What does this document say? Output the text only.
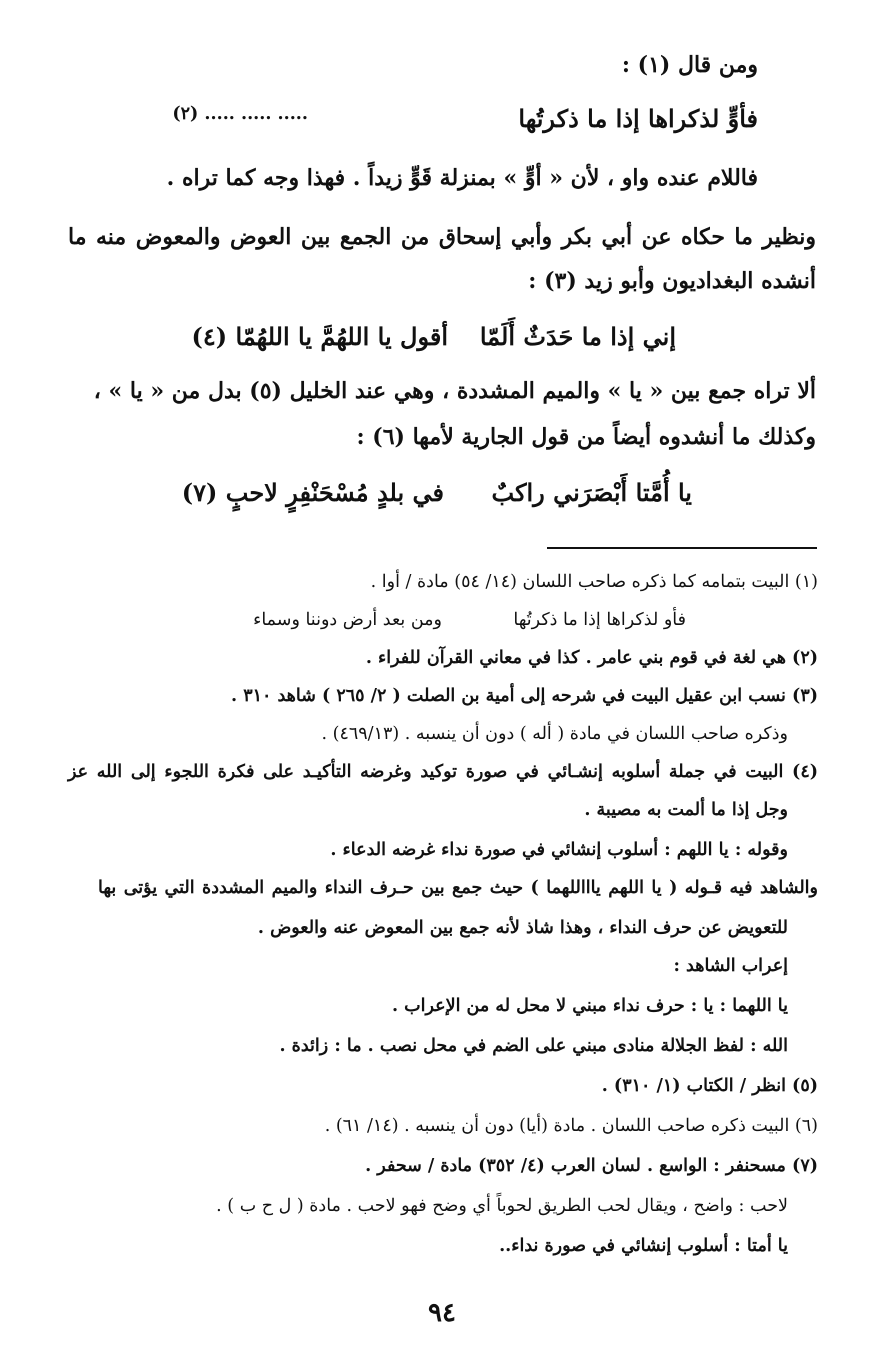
ومن قال (١) :
فأوٍّ لذكراها إذا ما ذكرتُها
(٢) ..... ..... .....
فاللام عنده واو ، لأن « أوٍّ » بمنزلة قَوٍّ زيداً . فهذا وجه كما تراه .
ونظير ما حكاه عن أبي بكر وأبي إسحاق من الجمع بين العوض والمعوض منه ما
أنشده البغداديون وأبو زيد (٣) :
إني إذا ما حَدَثٌ أَلَمّا
أقول يا اللهُمَّ يا اللهُمّا (٤)
ألا تراه جمع بين « يا » والميم المشددة ، وهي عند الخليل (٥) بدل من « يا » ،
وكذلك ما أنشدوه أيضاً من قول الجارية لأمها (٦) :
يا أُمَّتا أَبْصَرَني راكبٌ
في بلدٍ مُسْحَنْفِرٍ لاحبٍ (٧)
(١) البيت بتمامه كما ذكره صاحب اللسان (١٤/ ٥٤) مادة / أوا .
فأو لذكراها إذا ما ذكرتُها
ومن بعد أرض دوننا وسماء
(٢) هي لغة في قوم بني عامر . كذا في معاني القرآن للفراء .
(٣) نسب ابن عقيل البيت في شرحه إلى أمية بن الصلت ( ٢/ ٢٦٥ ) شاهد ٣١٠ .
وذكره صاحب اللسان في مادة ( أله ) دون أن ينسبه . (٤٦٩/١٣) .
(٤) البيت في جملة أسلوبه إنشـائي في صورة توكيد وغرضه التأكيـد على فكرة اللجوء إلى الله عز
وجل إذا ما ألمت به مصيبة .
وقوله : يا اللهم : أسلوب إنشائي في صورة نداء غرضه الدعاء .
والشاهد فيه قـوله ( يا اللهم ياااللهما ) حيث جمع بين حـرف النداء والميم المشددة التي يؤتى بها
للتعويض عن حرف النداء ، وهذا شاذ لأنه جمع بين المعوض عنه والعوض .
إعراب الشاهد :
يا اللهما : يا : حرف نداء مبني لا محل له من الإعراب .
الله : لفظ الجلالة منادى مبني على الضم في محل نصب . ما : زائدة .
(٥) انظر / الكتاب (١/ ٣١٠) .
(٦) البيت ذكره صاحب اللسان . مادة (أيا) دون أن ينسبه . (١٤/ ٦١) .
(٧) مسحنفر : الواسع . لسان العرب (٤/ ٣٥٢) مادة / سحفر .
لاحب : واضح ، ويقال لحب الطريق لحوباً أي وضح فهو لاحب . مادة ( ل ح ب ) .
يا أمتا : أسلوب إنشائي في صورة نداء..
٩٤
